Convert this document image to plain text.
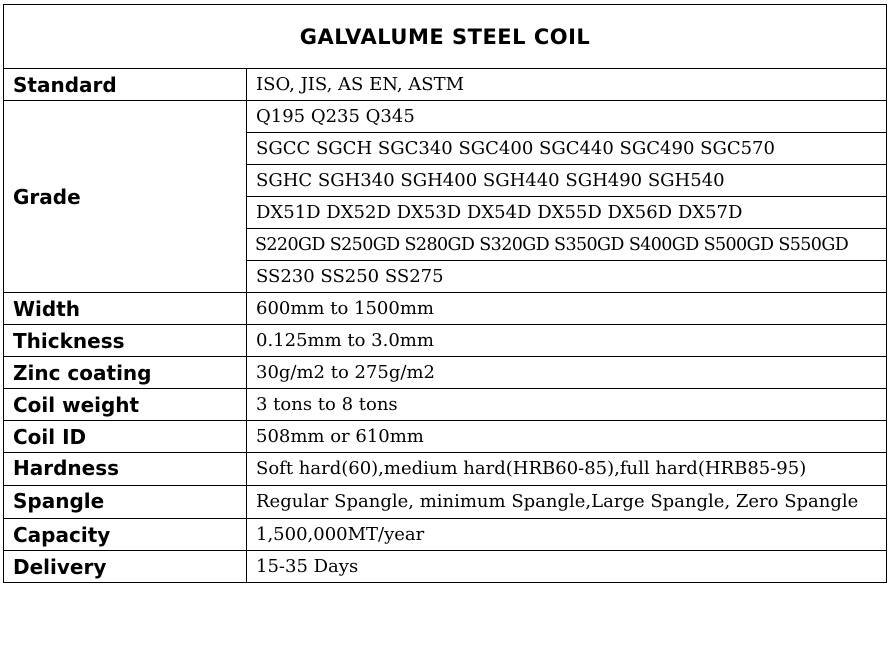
GALVALUME STEEL COIL	
Standard	ISO, JIS, AS EN, ASTM
Grade	Q195 Q235 Q345
	SGCC SGCH SGC340 SGC400 SGC440 SGC490 SGC570
	SGHC SGH340 SGH400 SGH440 SGH490 SGH540
	DX51D DX52D DX53D DX54D DX55D DX56D DX57D
	S220GD S250GD S280GD S320GD S350GD S400GD S500GD S550GD
	SS230 SS250 SS275
Width	600mm to 1500mm
Thickness	0.125mm to 3.0mm
Zinc coating	30g/m2 to 275g/m2
Coil weight	3 tons to 8 tons
Coil ID	508mm or 610mm
Hardness	Soft hard(60),medium hard(HRB60-85),full hard(HRB85-95)
Spangle	Regular Spangle, minimum Spangle,Large Spangle, Zero Spangle
Capacity	1,500,000MT/year
Delivery	15-35 Days
